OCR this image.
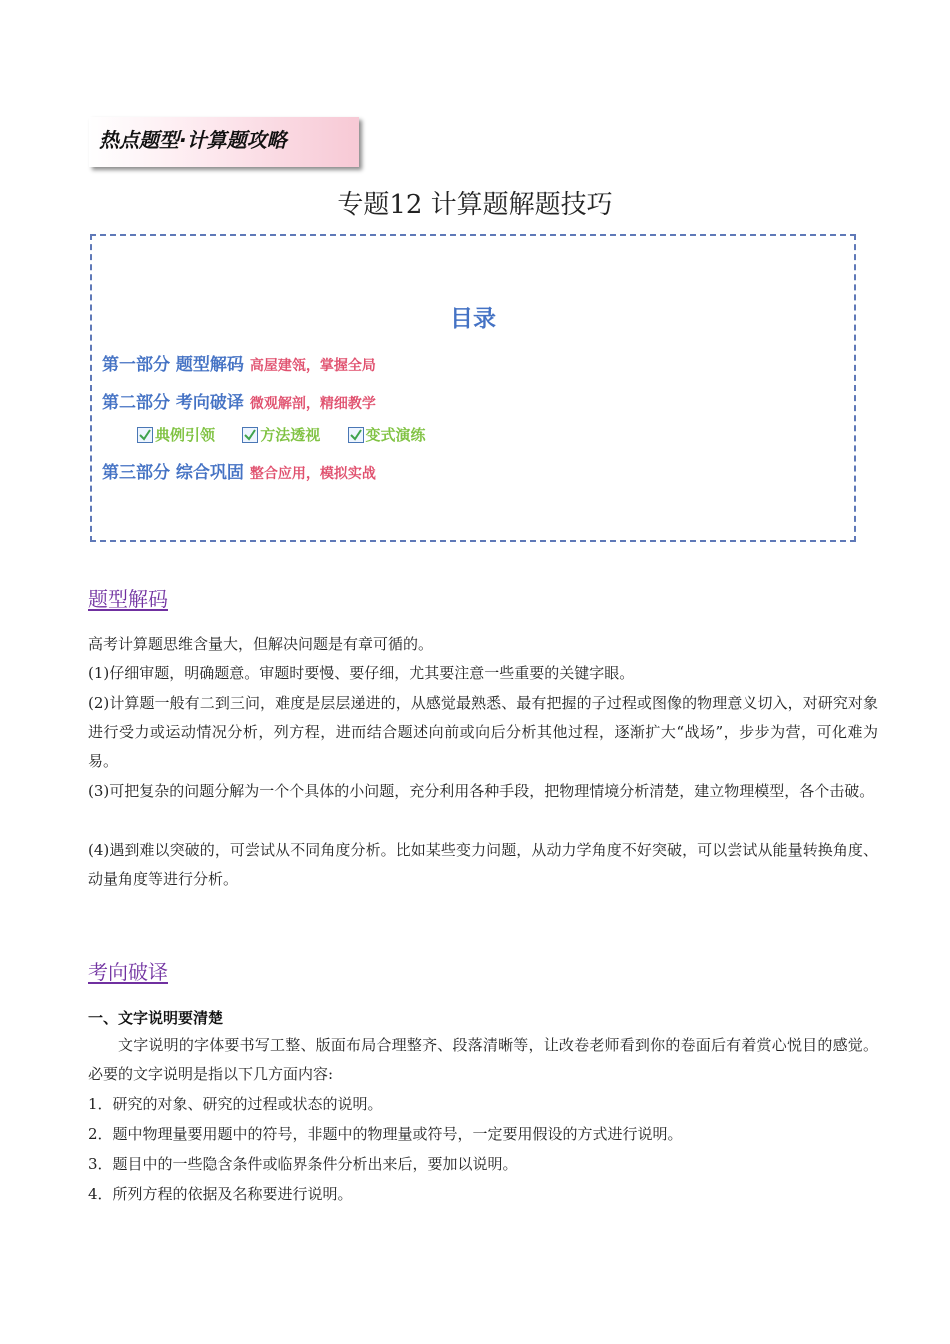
热点题型·计算题攻略
专题12 计算题解题技巧
目录
第一部分 题型解码 高屋建瓴，掌握全局
第二部分 考向破译 微观解剖，精细教学
典例引领	方法透视	变式演练
第三部分 综合巩固 整合应用，模拟实战
题型解码
高考计算题思维含量大，但解决问题是有章可循的。
(1)仔细审题，明确题意。审题时要慢、要仔细，尤其要注意一些重要的关键字眼。
(2)计算题一般有二到三问，难度是层层递进的，从感觉最熟悉、最有把握的子过程或图像的物理意义切入，对研究对象进行受力或运动情况分析，列方程，进而结合题述向前或向后分析其他过程，逐渐扩大“战场”，步步为营，可化难为易。
(3)可把复杂的问题分解为一个个具体的小问题，充分利用各种手段，把物理情境分析清楚，建立物理模型，各个击破。
(4)遇到难以突破的，可尝试从不同角度分析。比如某些变力问题，从动力学角度不好突破，可以尝试从能量转换角度、动量角度等进行分析。
考向破译
一、文字说明要清楚
文字说明的字体要书写工整、版面布局合理整齐、段落清晰等，让改卷老师看到你的卷面后有着赏心悦目的感觉。必要的文字说明是指以下几方面内容:
1．研究的对象、研究的过程或状态的说明。
2．题中物理量要用题中的符号，非题中的物理量或符号，一定要用假设的方式进行说明。
3．题目中的一些隐含条件或临界条件分析出来后，要加以说明。
4．所列方程的依据及名称要进行说明。
